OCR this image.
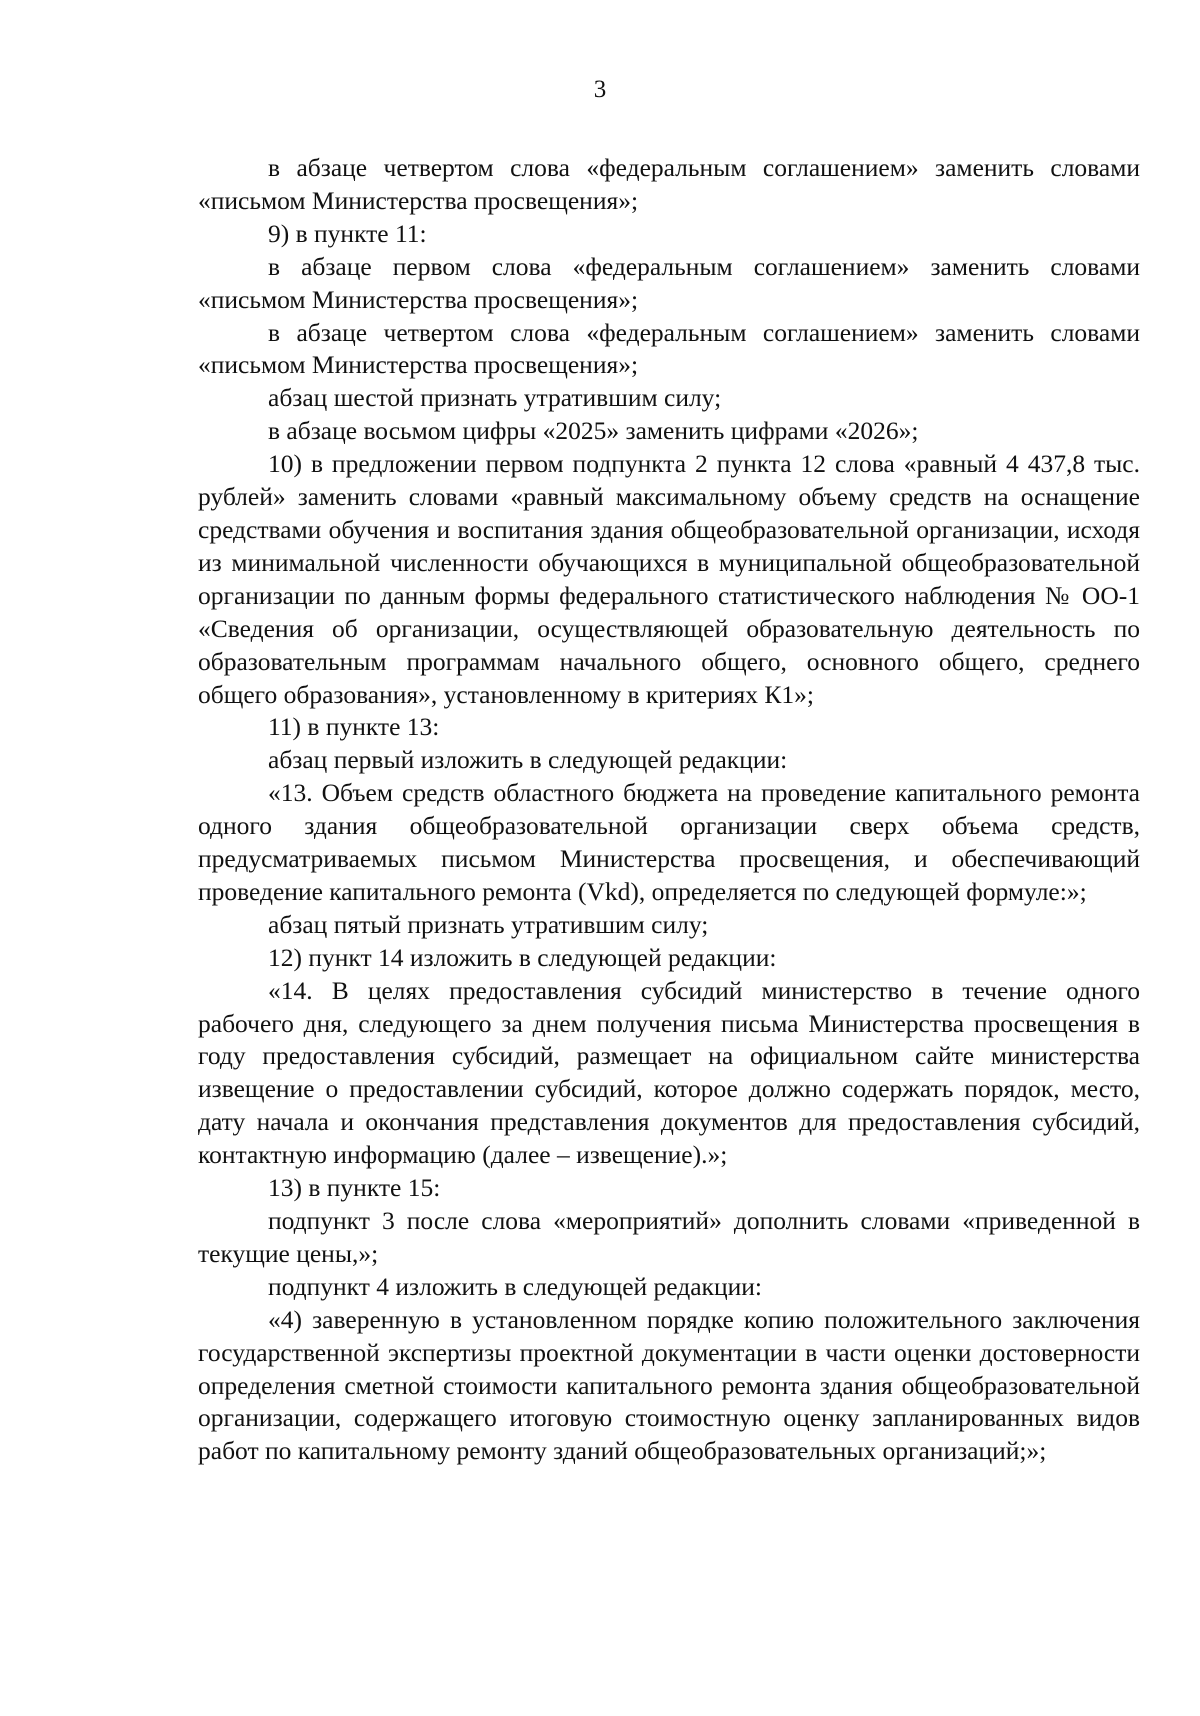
3

в абзаце четвертом слова «федеральным соглашением» заменить словами «письмом Министерства просвещения»;

9) в пункте 11:

в абзаце первом слова «федеральным соглашением» заменить словами «письмом Министерства просвещения»;

в абзаце четвертом слова «федеральным соглашением» заменить словами «письмом Министерства просвещения»;

абзац шестой признать утратившим силу;

в абзаце восьмом цифры «2025» заменить цифрами «2026»;

10) в предложении первом подпункта 2 пункта 12 слова «равный 4 437,8 тыс. рублей» заменить словами «равный максимальному объему средств на оснащение средствами обучения и воспитания здания общеобразовательной организации, исходя из минимальной численности обучающихся в муниципальной общеобразовательной организации по данным формы федерального статистического наблюдения № ОО-1 «Сведения об организации, осуществляющей образовательную деятельность по образовательным программам начального общего, основного общего, среднего общего образования», установленному в критериях К1»;

11) в пункте 13:

абзац первый изложить в следующей редакции:

«13. Объем средств областного бюджета на проведение капитального ремонта одного здания общеобразовательной организации сверх объема средств, предусматриваемых письмом Министерства просвещения, и обеспечивающий проведение капитального ремонта (Vkd), определяется по следующей формуле:»;

абзац пятый признать утратившим силу;

12) пункт 14 изложить в следующей редакции:

«14. В целях предоставления субсидий министерство в течение одного рабочего дня, следующего за днем получения письма Министерства просвещения в году предоставления субсидий, размещает на официальном сайте министерства извещение о предоставлении субсидий, которое должно содержать порядок, место, дату начала и окончания представления документов для предоставления субсидий, контактную информацию (далее – извещение).»;

13) в пункте 15:

подпункт 3 после слова «мероприятий» дополнить словами «приведенной в текущие цены,»;

подпункт 4 изложить в следующей редакции:

«4) заверенную в установленном порядке копию положительного заключения государственной экспертизы проектной документации в части оценки достоверности определения сметной стоимости капитального ремонта здания общеобразовательной организации, содержащего итоговую стоимостную оценку запланированных видов работ по капитальному ремонту зданий общеобразовательных организаций;»;
